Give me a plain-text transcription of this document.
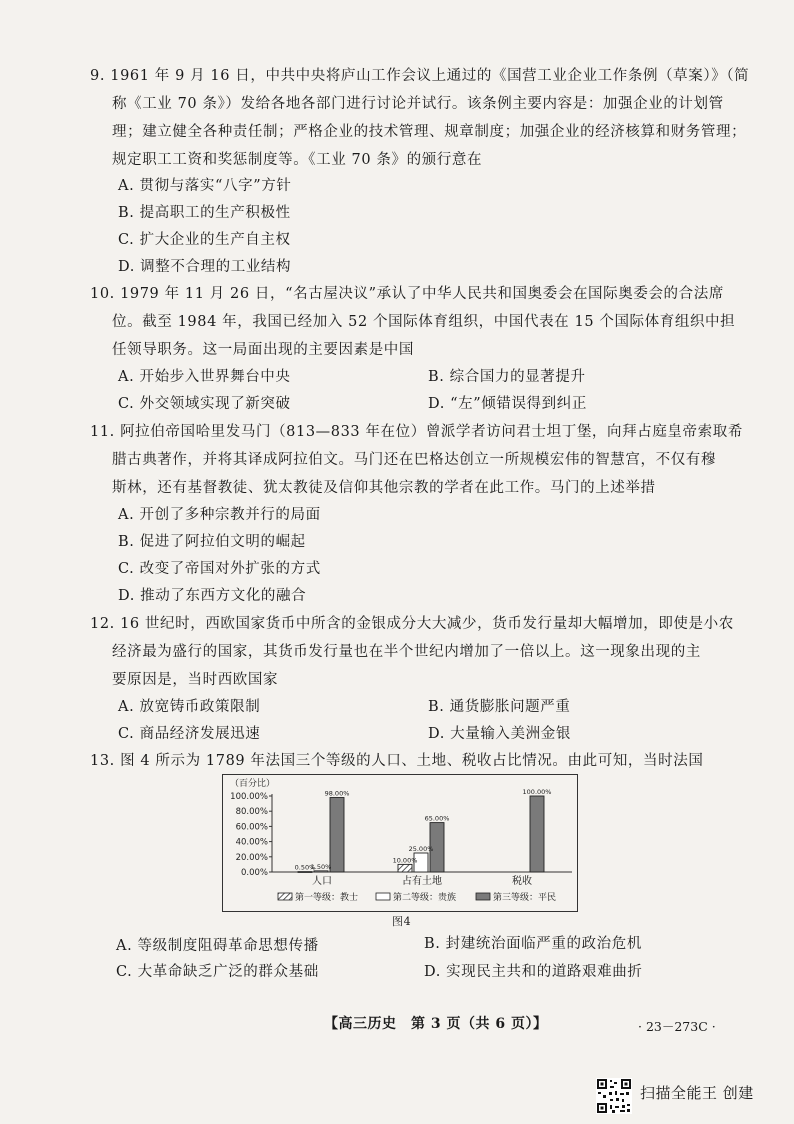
9. 1961 年 9 月 16 日，中共中央将庐山工作会议上通过的《国营工业企业工作条例（草案）》（简
称《工业 70 条》）发给各地各部门进行讨论并试行。该条例主要内容是：加强企业的计划管
理；建立健全各种责任制；严格企业的技术管理、规章制度；加强企业的经济核算和财务管理；
规定职工工资和奖惩制度等。《工业 70 条》的颁行意在
A. 贯彻与落实“八字”方针
B. 提高职工的生产积极性
C. 扩大企业的生产自主权
D. 调整不合理的工业结构
10. 1979 年 11 月 26 日，“名古屋决议”承认了中华人民共和国奥委会在国际奥委会的合法席
位。截至 1984 年，我国已经加入 52 个国际体育组织，中国代表在 15 个国际体育组织中担
任领导职务。这一局面出现的主要因素是中国
A. 开始步入世界舞台中央	B. 综合国力的显著提升
C. 外交领域实现了新突破	D. “左”倾错误得到纠正
11. 阿拉伯帝国哈里发马门（813—833 年在位）曾派学者访问君士坦丁堡，向拜占庭皇帝索取希
腊古典著作，并将其译成阿拉伯文。马门还在巴格达创立一所规模宏伟的智慧宫，不仅有穆
斯林，还有基督教徒、犹太教徒及信仰其他宗教的学者在此工作。马门的上述举措
A. 开创了多种宗教并行的局面
B. 促进了阿拉伯文明的崛起
C. 改变了帝国对外扩张的方式
D. 推动了东西方文化的融合
12. 16 世纪时，西欧国家货币中所含的金银成分大大减少，货币发行量却大幅增加，即使是小农
经济最为盛行的国家，其货币发行量也在半个世纪内增加了一倍以上。这一现象出现的主
要原因是，当时西欧国家
A. 放宽铸币政策限制	B. 通货膨胀问题严重
C. 商品经济发展迅速	D. 大量输入美洲金银
13. 图 4 所示为 1789 年法国三个等级的人口、土地、税收占比情况。由此可知，当时法国
（百分比）
0.00%
20.00%
40.00%
60.00%
80.00%
100.00%
0.50%
1.50%
98.00%
10.00%
25.00%
65.00%
100.00%
人口	占有土地	税收
第一等级：教士	第二等级：贵族	第三等级：平民
图4
A. 等级制度阻碍革命思想传播	B. 封建统治面临严重的政治危机
C. 大革命缺乏广泛的群众基础	D. 实现民主共和的道路艰难曲折
【高三历史　第 3 页（共 6 页）】	· 23－273C ·
扫描全能王 创建
